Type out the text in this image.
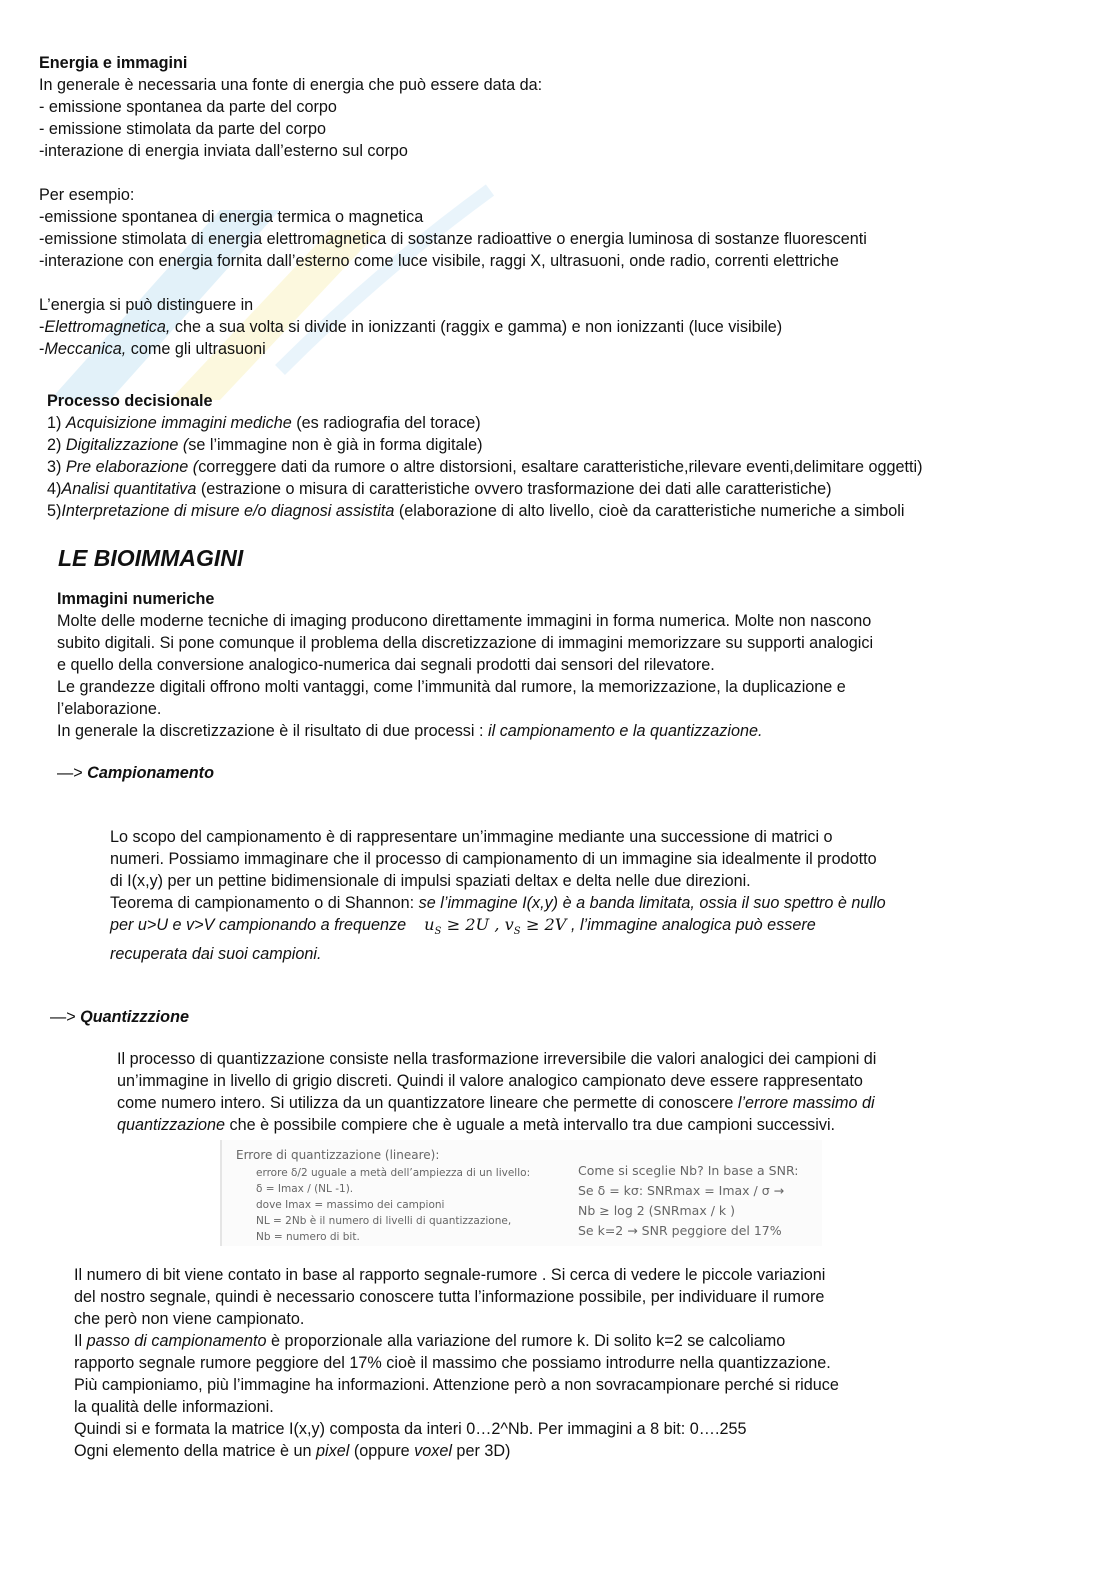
Energia e immagini
In generale è necessaria una fonte di energia che può essere data da:
- emissione spontanea da parte del corpo
- emissione stimolata da parte del corpo
-interazione di energia inviata dall’esterno sul corpo
Per esempio:
-emissione spontanea di energia termica o magnetica
-emissione stimolata di energia elettromagnetica di sostanze radioattive o energia luminosa di sostanze fluorescenti
-interazione con energia fornita dall’esterno come luce visibile, raggi X, ultrasuoni, onde radio, correnti elettriche
L’energia si può distinguere in
-Elettromagnetica, che a sua volta si divide in ionizzanti (raggix e gamma) e non ionizzanti (luce visibile)
-Meccanica, come gli ultrasuoni
Processo decisionale
1) Acquisizione immagini mediche (es radiografia del torace)
2) Digitalizzazione (se l’immagine non è già in forma digitale)
3) Pre elaborazione (correggere dati da rumore o altre distorsioni, esaltare caratteristiche,rilevare eventi,delimitare oggetti)
4)Analisi quantitativa (estrazione o misura di caratteristiche ovvero trasformazione dei dati alle caratteristiche)
5)Interpretazione di misure e/o diagnosi assistita (elaborazione di alto livello, cioè da caratteristiche numeriche a simboli
LE BIOIMMAGINI
Immagini numeriche
Molte delle moderne tecniche di imaging producono direttamente immagini in forma numerica. Molte non nascono
subito digitali. Si pone comunque il problema della discretizzazione di immagini memorizzare su supporti analogici
e quello della conversione analogico-numerica dai segnali prodotti dai sensori del rilevatore.
Le grandezze digitali offrono molti vantaggi, come l’immunità dal rumore, la memorizzazione, la duplicazione e
l’elaborazione.
In generale la discretizzazione è il risultato di due processi : il campionamento e la quantizzazione.
—> Campionamento
Lo scopo del campionamento è di rappresentare un’immagine mediante una successione di matrici o
numeri. Possiamo immaginare che il processo di campionamento di un immagine sia idealmente il prodotto
di I(x,y) per un pettine bidimensionale di impulsi spaziati deltax e delta nelle due direzioni.
Teorema di campionamento o di Shannon: se l’immagine I(x,y) è a banda limitata, ossia il suo spettro è nullo
per u>U e v>V campionando a frequenze $u_S \ge 2U$ , $v_S \ge 2V$ , l’immagine analogica può essere
recuperata dai suoi campioni.
—> Quantizzzione
Il processo di quantizzazione consiste nella trasformazione irreversibile die valori analogici dei campioni di
un’immagine in livello di grigio discreti. Quindi il valore analogico campionato deve essere rappresentato
come numero intero. Si utilizza da un quantizzatore lineare che permette di conoscere l’errore massimo di
quantizzazione che è possibile compiere che è uguale a metà intervallo tra due campioni successivi.
Errore di quantizzazione (lineare):
errore δ/2 uguale a metà dell’ampiezza di un livello:
δ = Imax / (NL -1).
dove Imax = massimo dei campioni
NL = 2Nb è il numero di livelli di quantizzazione,
Nb = numero di bit.
Come si sceglie Nb? In base a SNR:
Se δ = kσ: SNRmax = Imax / σ →
Nb ≥ log 2 (SNRmax / k )
Se k=2 → SNR peggiore del 17%
Il numero di bit viene contato in base al rapporto segnale-rumore . Si cerca di vedere le piccole variazioni
del nostro segnale, quindi è necessario conoscere tutta l’informazione possibile, per individuare il rumore
che però non viene campionato.
Il passo di campionamento è proporzionale alla variazione del rumore k. Di solito k=2 se calcoliamo
rapporto segnale rumore peggiore del 17% cioè il massimo che possiamo introdurre nella quantizzazione.
Più campioniamo, più l’immagine ha informazioni. Attenzione però a non sovracampionare perché si riduce
la qualità delle informazioni.
Quindi si e formata la matrice I(x,y) composta da interi 0…2^Nb. Per immagini a 8 bit: 0….255
Ogni elemento della matrice è un pixel (oppure voxel per 3D)
